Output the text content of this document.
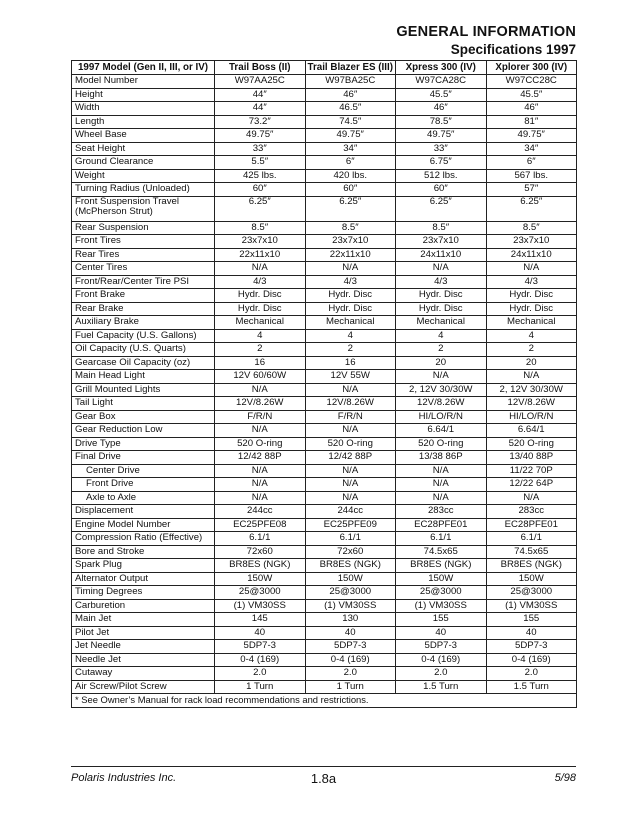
GENERAL INFORMATION
Specifications 1997
1997 Model (Gen II, III, or IV)	Trail Boss (II)	Trail Blazer ES (III)	Xpress 300 (IV)	Xplorer 300 (IV)
Model Number	W97AA25C	W97BA25C	W97CA28C	W97CC28C
Height	44″	46″	45.5″	45.5″
Width	44″	46.5″	46″	46″
Length	73.2″	74.5″	78.5″	81″
Wheel Base	49.75″	49.75″	49.75″	49.75″
Seat Height	33″	34″	33″	34″
Ground Clearance	5.5″	6″	6.75″	6″
Weight	425 lbs.	420 lbs.	512 lbs.	567 lbs.
Turning Radius (Unloaded)	60″	60″	60″	57″
Front Suspension Travel (McPherson Strut)	6.25″	6.25″	6.25″	6.25″
Rear Suspension	8.5″	8.5″	8.5″	8.5″
Front Tires	23x7x10	23x7x10	23x7x10	23x7x10
Rear Tires	22x11x10	22x11x10	24x11x10	24x11x10
Center Tires	N/A	N/A	N/A	N/A
Front/Rear/Center Tire PSI	4/3	4/3	4/3	4/3
Front Brake	Hydr. Disc	Hydr. Disc	Hydr. Disc	Hydr. Disc
Rear Brake	Hydr. Disc	Hydr. Disc	Hydr. Disc	Hydr. Disc
Auxiliary Brake	Mechanical	Mechanical	Mechanical	Mechanical
Fuel Capacity (U.S. Gallons)	4	4	4	4
Oil Capacity (U.S. Quarts)	2	2	2	2
Gearcase Oil Capacity (oz)	16	16	20	20
Main Head Light	12V 60/60W	12V 55W	N/A	N/A
Grill Mounted Lights	N/A	N/A	2, 12V 30/30W	2, 12V 30/30W
Tail Light	12V/8.26W	12V/8.26W	12V/8.26W	12V/8.26W
Gear Box	F/R/N	F/R/N	HI/LO/R/N	HI/LO/R/N
Gear Reduction Low	N/A	N/A	6.64/1	6.64/1
Drive Type	520 O-ring	520 O-ring	520 O-ring	520 O-ring
Final Drive	12/42 88P	12/42 88P	13/38 86P	13/40 88P
Center Drive	N/A	N/A	N/A	11/22 70P
Front Drive	N/A	N/A	N/A	12/22 64P
Axle to Axle	N/A	N/A	N/A	N/A
Displacement	244cc	244cc	283cc	283cc
Engine Model Number	EC25PFE08	EC25PFE09	EC28PFE01	EC28PFE01
Compression Ratio (Effective)	6.1/1	6.1/1	6.1/1	6.1/1
Bore and Stroke	72x60	72x60	74.5x65	74.5x65
Spark Plug	BR8ES (NGK)	BR8ES (NGK)	BR8ES (NGK)	BR8ES (NGK)
Alternator Output	150W	150W	150W	150W
Timing Degrees	25@3000	25@3000	25@3000	25@3000
Carburetion	(1) VM30SS	(1) VM30SS	(1) VM30SS	(1) VM30SS
Main Jet	145	130	155	155
Pilot Jet	40	40	40	40
Jet Needle	5DP7-3	5DP7-3	5DP7-3	5DP7-3
Needle Jet	0-4 (169)	0-4 (169)	0-4 (169)	0-4 (169)
Cutaway	2.0	2.0	2.0	2.0
Air Screw/Pilot Screw	1 Turn	1 Turn	1.5 Turn	1.5 Turn
* See Owner’s Manual for rack load recommendations and restrictions.				
Polaris Industries Inc.	1.8a	5/98
